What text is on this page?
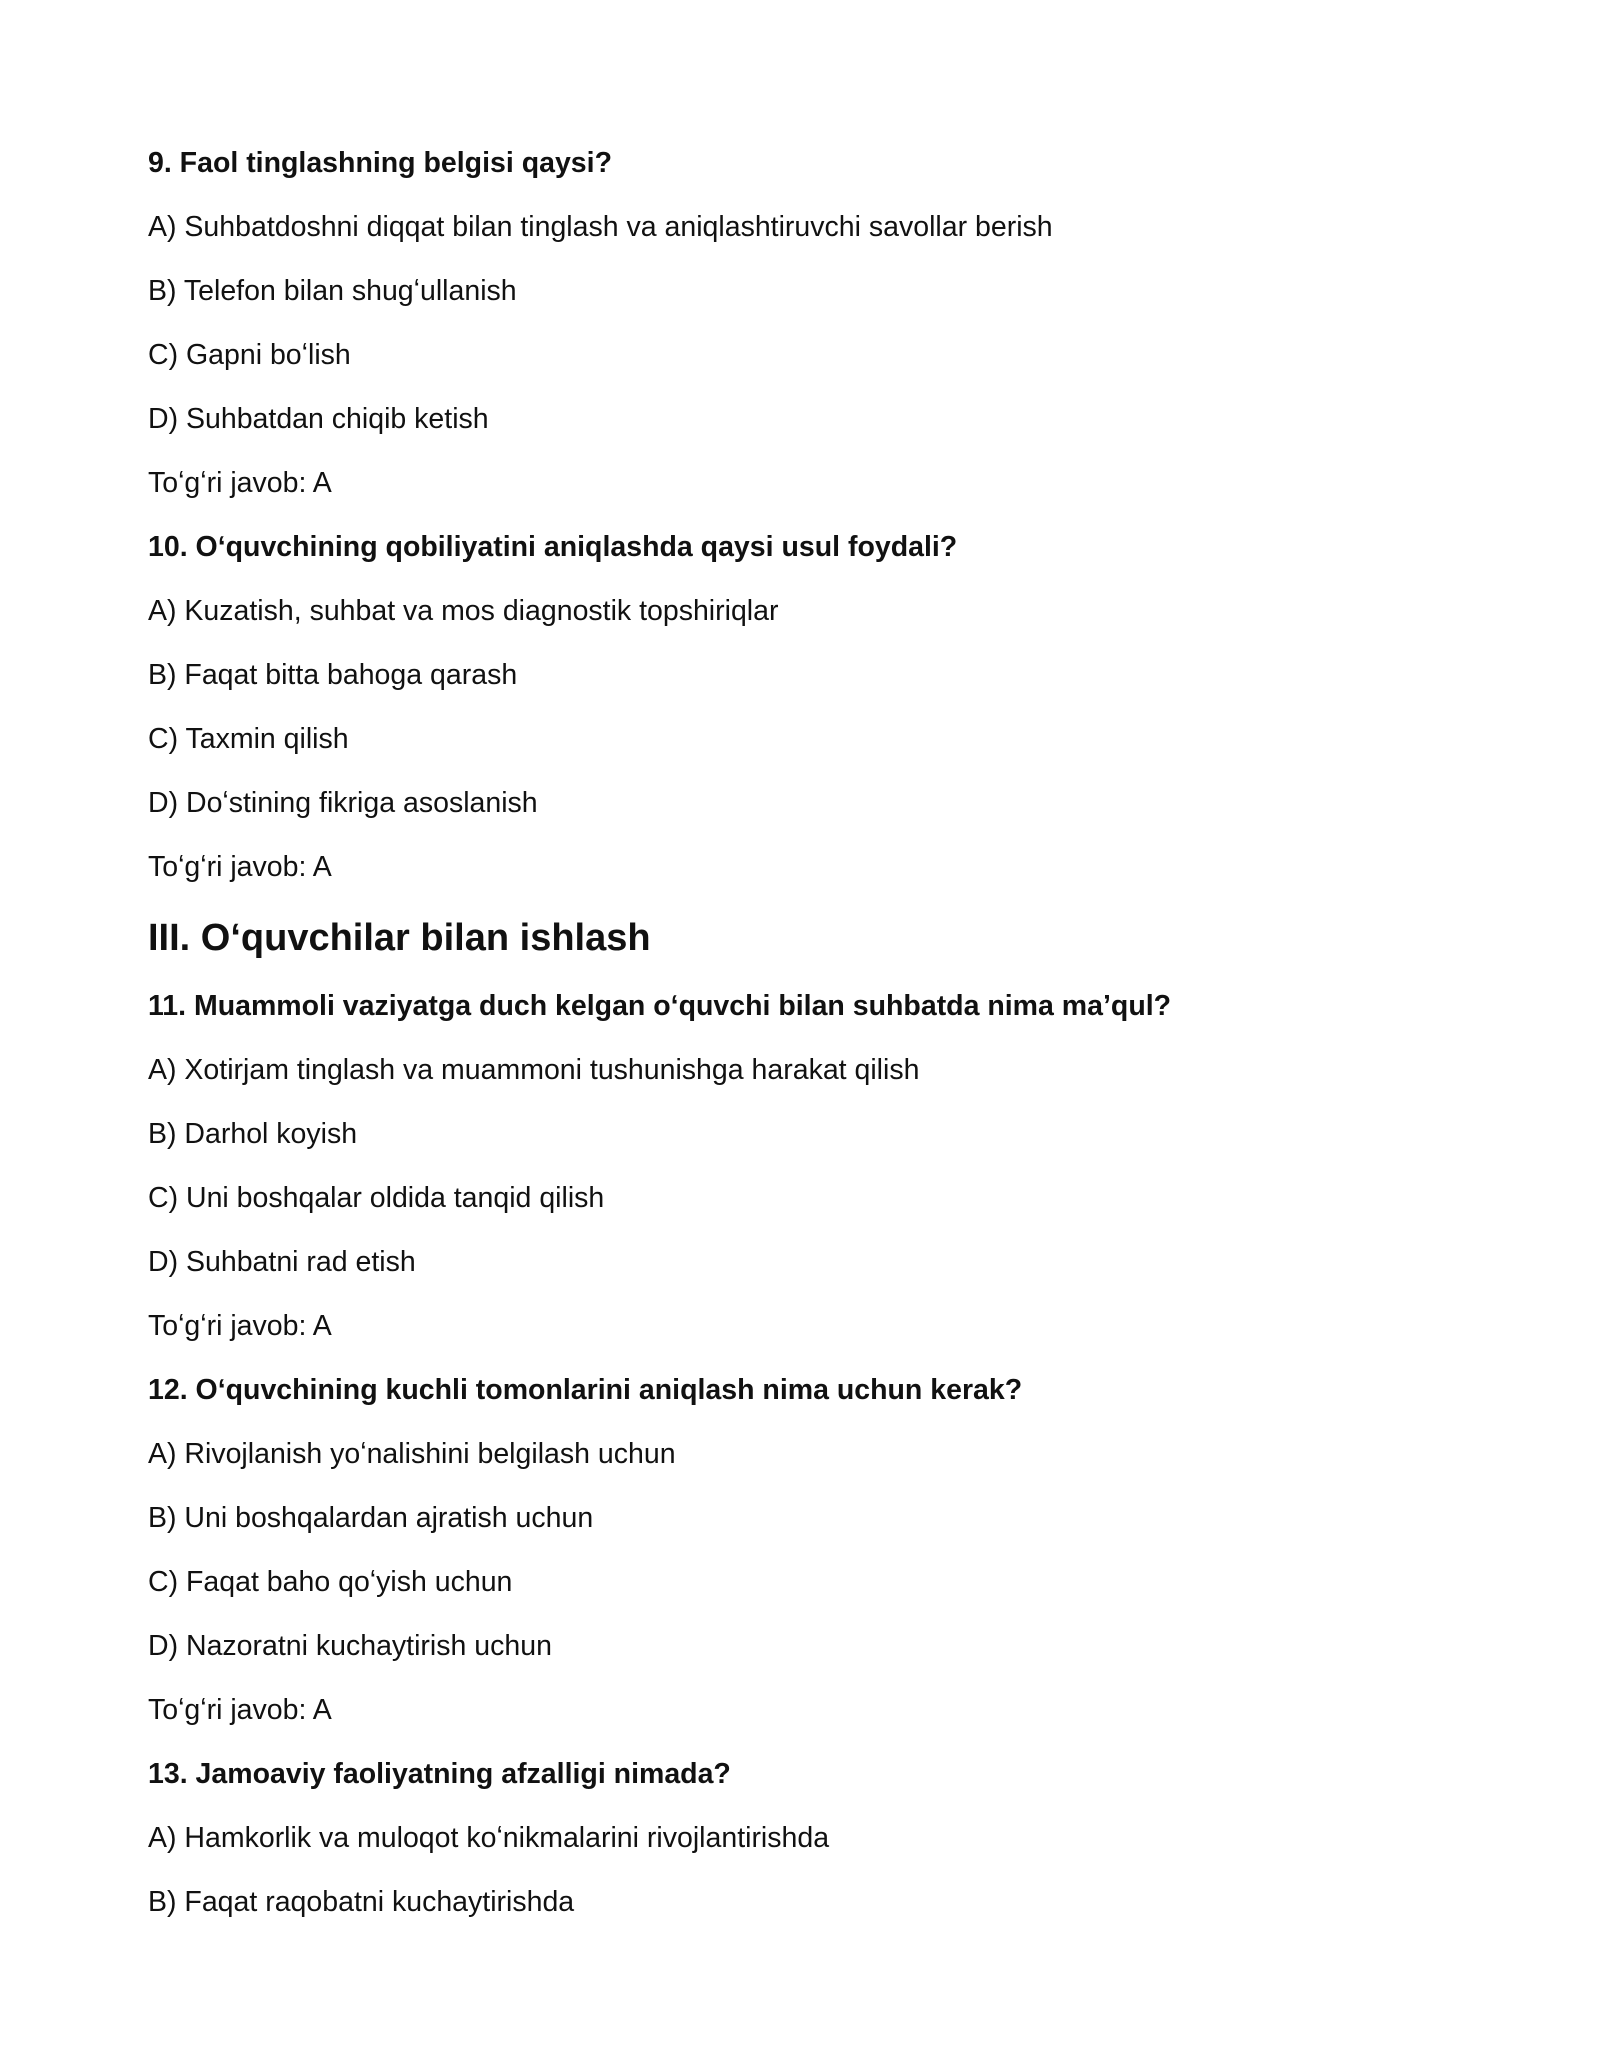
9. Faol tinglashning belgisi qaysi?

A) Suhbatdoshni diqqat bilan tinglash va aniqlashtiruvchi savollar berish

B) Telefon bilan shugʻullanish

C) Gapni boʻlish

D) Suhbatdan chiqib ketish

Toʻgʻri javob: A

10. Oʻquvchining qobiliyatini aniqlashda qaysi usul foydali?

A) Kuzatish, suhbat va mos diagnostik topshiriqlar

B) Faqat bitta bahoga qarash

C) Taxmin qilish

D) Doʻstining fikriga asoslanish

Toʻgʻri javob: A

III. Oʻquvchilar bilan ishlash

11. Muammoli vaziyatga duch kelgan oʻquvchi bilan suhbatda nima ma’qul?

A) Xotirjam tinglash va muammoni tushunishga harakat qilish

B) Darhol koyish

C) Uni boshqalar oldida tanqid qilish

D) Suhbatni rad etish

Toʻgʻri javob: A

12. Oʻquvchining kuchli tomonlarini aniqlash nima uchun kerak?

A) Rivojlanish yoʻnalishini belgilash uchun

B) Uni boshqalardan ajratish uchun

C) Faqat baho qoʻyish uchun

D) Nazoratni kuchaytirish uchun

Toʻgʻri javob: A

13. Jamoaviy faoliyatning afzalligi nimada?

A) Hamkorlik va muloqot koʻnikmalarini rivojlantirishda

B) Faqat raqobatni kuchaytirishda
